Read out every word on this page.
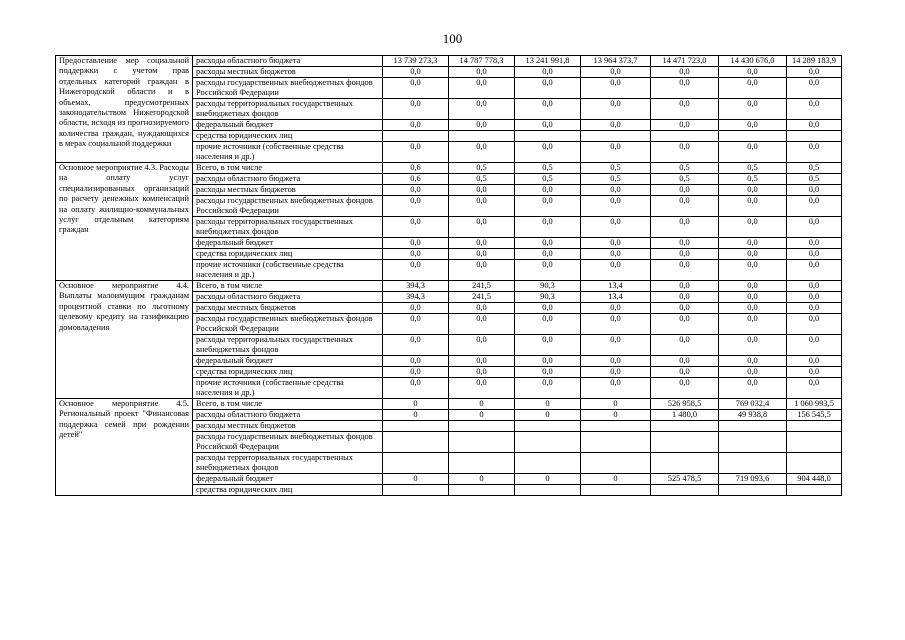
100
Предоставление мер социальной поддержки с учетом прав отдельных категорий граждан в Нижегородской области и в объемах, предусмотренных законодательством Нижегородской области, исходя из прогнозируемого количества граждан, нуждающихся в мерах социальной поддержки	расходы областного бюджета	13 739 273,3	14 787 778,3	13 241 991,8	13 964 373,7	14 471 723,0	14 430 676,0	14 289 183,9
	расходы местных бюджетов	0,0	0,0	0,0	0,0	0,0	0,0	0,0
	расходы государственных внебюджетных фондов Российской Федерации	0,0	0,0	0,0	0,0	0,0	0,0	0,0
	расходы территориальных государственных внебюджетных фондов	0,0	0,0	0,0	0,0	0,0	0,0	0,0
	федеральный бюджет	0,0	0,0	0,0	0,0	0,0	0,0	0,0
	средства юридических лиц							
	прочие источники (собственные средства населения и др.)	0,0	0,0	0,0	0,0	0,0	0,0	0,0
Основное мероприятие 4.3. Расходы на оплату услуг специализированных организаций по расчету денежных компенсаций на оплату жилищно-коммунальных услуг отдельным категориям граждан	Всего, в том числе	0,6	0,5	0,5	0,5	0,5	0,5	0,5
	расходы областного бюджета	0,6	0,5	0,5	0,5	0,5	0,5	0,5
	расходы местных бюджетов	0,0	0,0	0,0	0,0	0,0	0,0	0,0
	расходы государственных внебюджетных фондов Российской Федерации	0,0	0,0	0,0	0,0	0,0	0,0	0,0
	расходы территориальных государственных внебюджетных фондов	0,0	0,0	0,0	0,0	0,0	0,0	0,0
	федеральный бюджет	0,0	0,0	0,0	0,0	0,0	0,0	0,0
	средства юридических лиц	0,0	0,0	0,0	0,0	0,0	0,0	0,0
	прочие источники (собственные средства населения и др.)	0,0	0,0	0,0	0,0	0,0	0,0	0,0
Основное мероприятие 4.4. Выплаты малоимущим гражданам процентной ставки по льготному целевому кредиту на газификацию домовладения	Всего, в том числе	394,3	241,5	90,3	13,4	0,0	0,0	0,0
	расходы областного бюджета	394,3	241,5	90,3	13,4	0,0	0,0	0,0
	расходы местных бюджетов	0,0	0,0	0,0	0,0	0,0	0,0	0,0
	расходы государственных внебюджетных фондов Российской Федерации	0,0	0,0	0,0	0,0	0,0	0,0	0,0
	расходы территориальных государственных внебюджетных фондов	0,0	0,0	0,0	0,0	0,0	0,0	0,0
	федеральный бюджет	0,0	0,0	0,0	0,0	0,0	0,0	0,0
	средства юридических лиц	0,0	0,0	0,0	0,0	0,0	0,0	0,0
	прочие источники (собственные средства населения и др.)	0,0	0,0	0,0	0,0	0,0	0,0	0,0
Основное мероприятие 4.5. Региональный проект "Финансовая поддержка семей при рождении детей"	Всего, в том числе	0	0	0	0	526 958,5	769 032,4	1 060 993,5
	расходы областного бюджета	0	0	0	0	1 480,0	49 938,8	156 545,5
	расходы местных бюджетов							
	расходы государственных внебюджетных фондов Российской Федерации							
	расходы территориальных государственных внебюджетных фондов							
	федеральный бюджет	0	0	0	0	525 478,5	719 093,6	904 448,0
	средства юридических лиц							
